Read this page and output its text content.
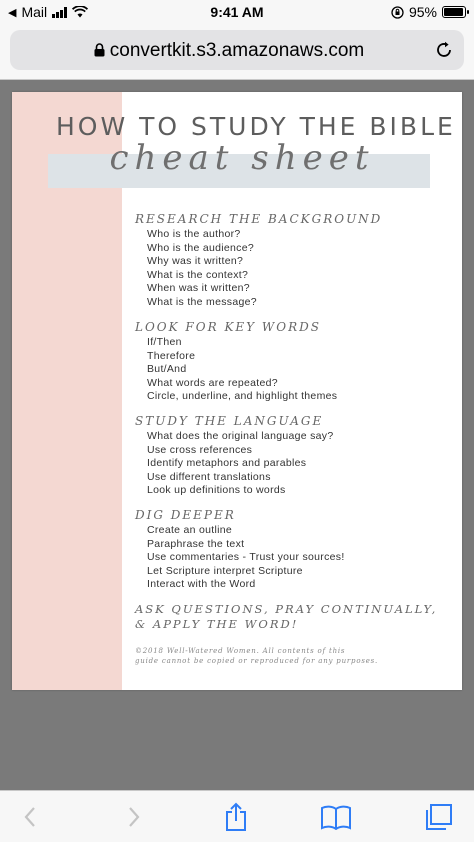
◀ Mail	9:41 AM	95%
convertkit.s3.amazonaws.com
HOW TO STUDY THE BIBLE
cheat sheet
RESEARCH THE BACKGROUND
Who is the author?
Who is the audience?
Why was it written?
What is the context?
When was it written?
What is the message?
LOOK FOR KEY WORDS
If/Then
Therefore
But/And
What words are repeated?
Circle, underline, and highlight themes
STUDY THE LANGUAGE
What does the original language say?
Use cross references
Identify metaphors and parables
Use different translations
Look up definitions to words
DIG DEEPER
Create an outline
Paraphrase the text
Use commentaries - Trust your sources!
Let Scripture interpret Scripture
Interact with the Word
ASK QUESTIONS, PRAY CONTINUALLY,
& APPLY THE WORD!
©2018 Well-Watered Women. All contents of this
guide cannot be copied or reproduced for any purposes.
